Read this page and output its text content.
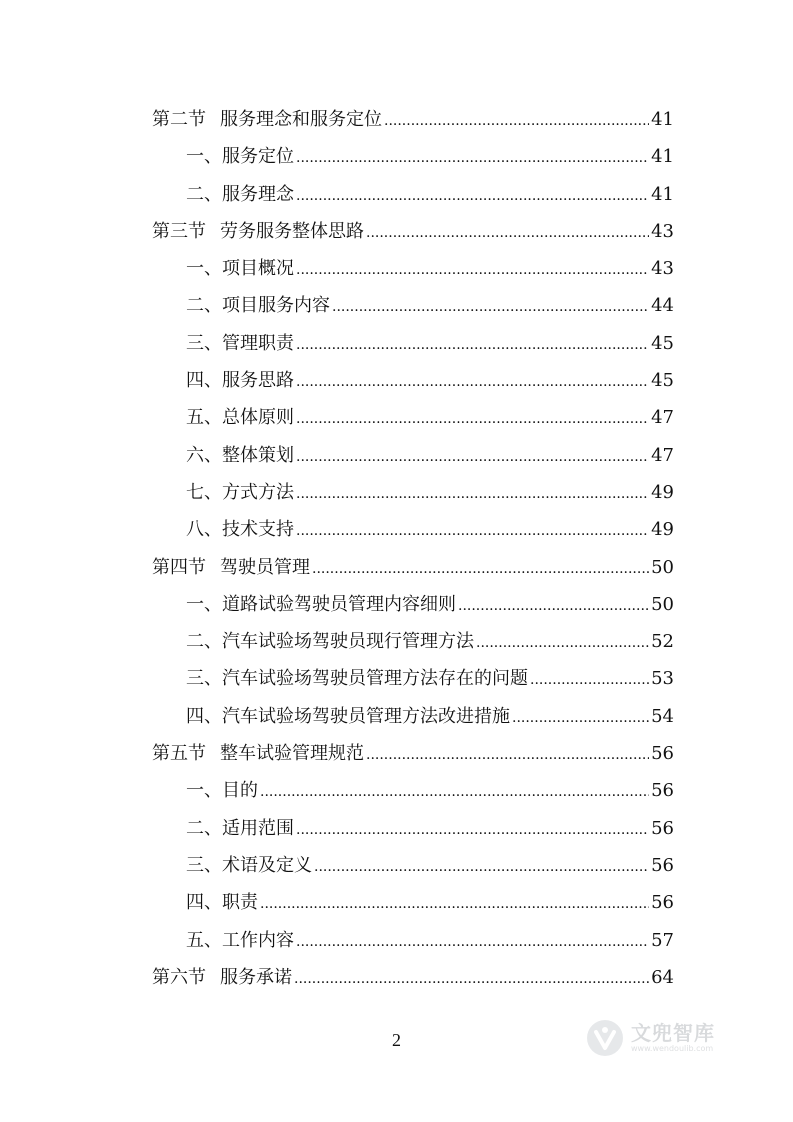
第二节 服务理念和服务定位 .....	41
一、服务定位 .....	41
二、服务理念 .....	41
第三节 劳务服务整体思路 .....	43
一、项目概况 .....	43
二、项目服务内容 .....	44
三、管理职责 .....	45
四、服务思路 .....	45
五、总体原则 .....	47
六、整体策划 .....	47
七、方式方法 .....	49
八、技术支持 .....	49
第四节 驾驶员管理 .....	50
一、道路试验驾驶员管理内容细则 .....	50
二、汽车试验场驾驶员现行管理方法 .....	52
三、汽车试验场驾驶员管理方法存在的问题 .....	53
四、汽车试验场驾驶员管理方法改进措施 .....	54
第五节 整车试验管理规范 .....	56
一、目的 .....	56
二、适用范围 .....	56
三、术语及定义 .....	56
四、职责 .....	56
五、工作内容 .....	57
第六节 服务承诺 .....	64
2	文兜智库
www.wendoulib.com
